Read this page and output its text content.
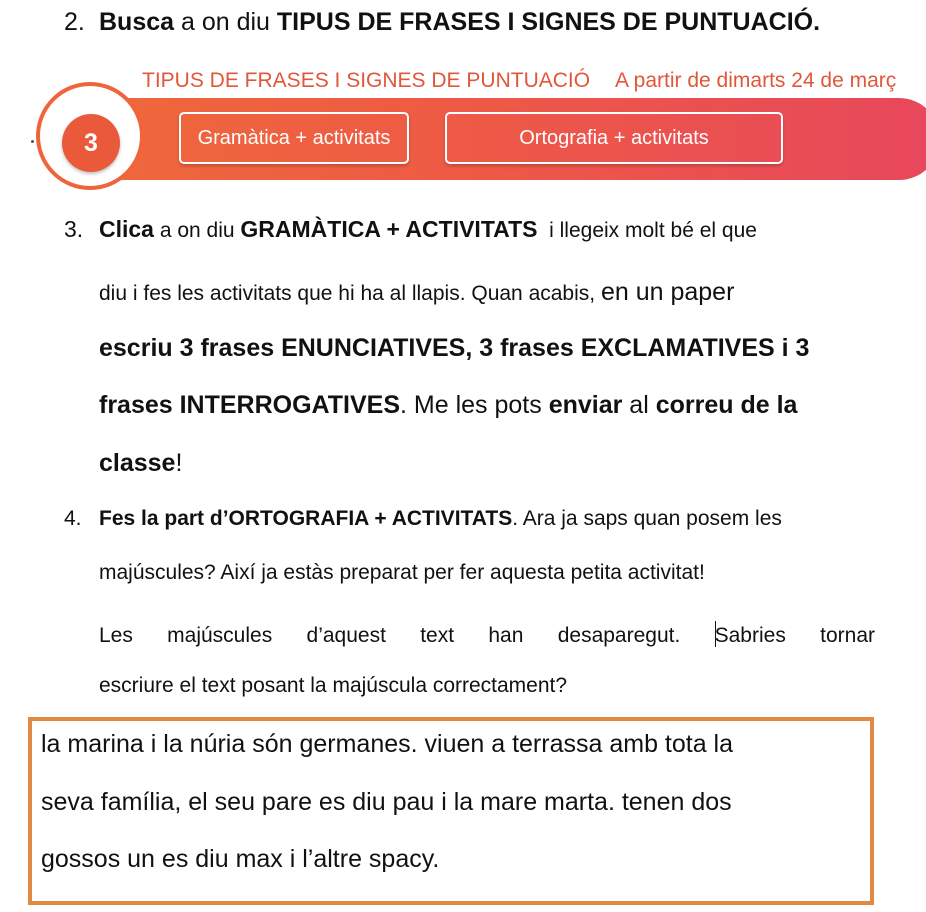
2. Busca a on diu TIPUS DE FRASES I SIGNES DE PUNTUACIÓ.
TIPUS DE FRASES I SIGNES DE PUNTUACIÓ A partir de dimarts 24 de març
3	Gramàtica + activitats	Ortografia + activitats
3. Clica a on diu GRAMÀTICA + ACTIVITATS  i llegeix molt bé el que
diu i fes les activitats que hi ha al llapis. Quan acabis, en un paper
escriu 3 frases ENUNCIATIVES, 3 frases EXCLAMATIVES i 3
frases INTERROGATIVES. Me les pots enviar al correu de la
classe!
4. Fes la part d’ORTOGRAFIA + ACTIVITATS. Ara ja saps quan posem les
majúscules? Així ja estàs preparat per fer aquesta petita activitat!
Les majúscules d’aquest text han desaparegut. Sabries tornar
escriure el text posant la majúscula correctament?
la marina i la núria són germanes. viuen a terrassa amb tota la
seva família, el seu pare es diu pau i la mare marta. tenen dos
gossos un es diu max i l’altre spacy.
